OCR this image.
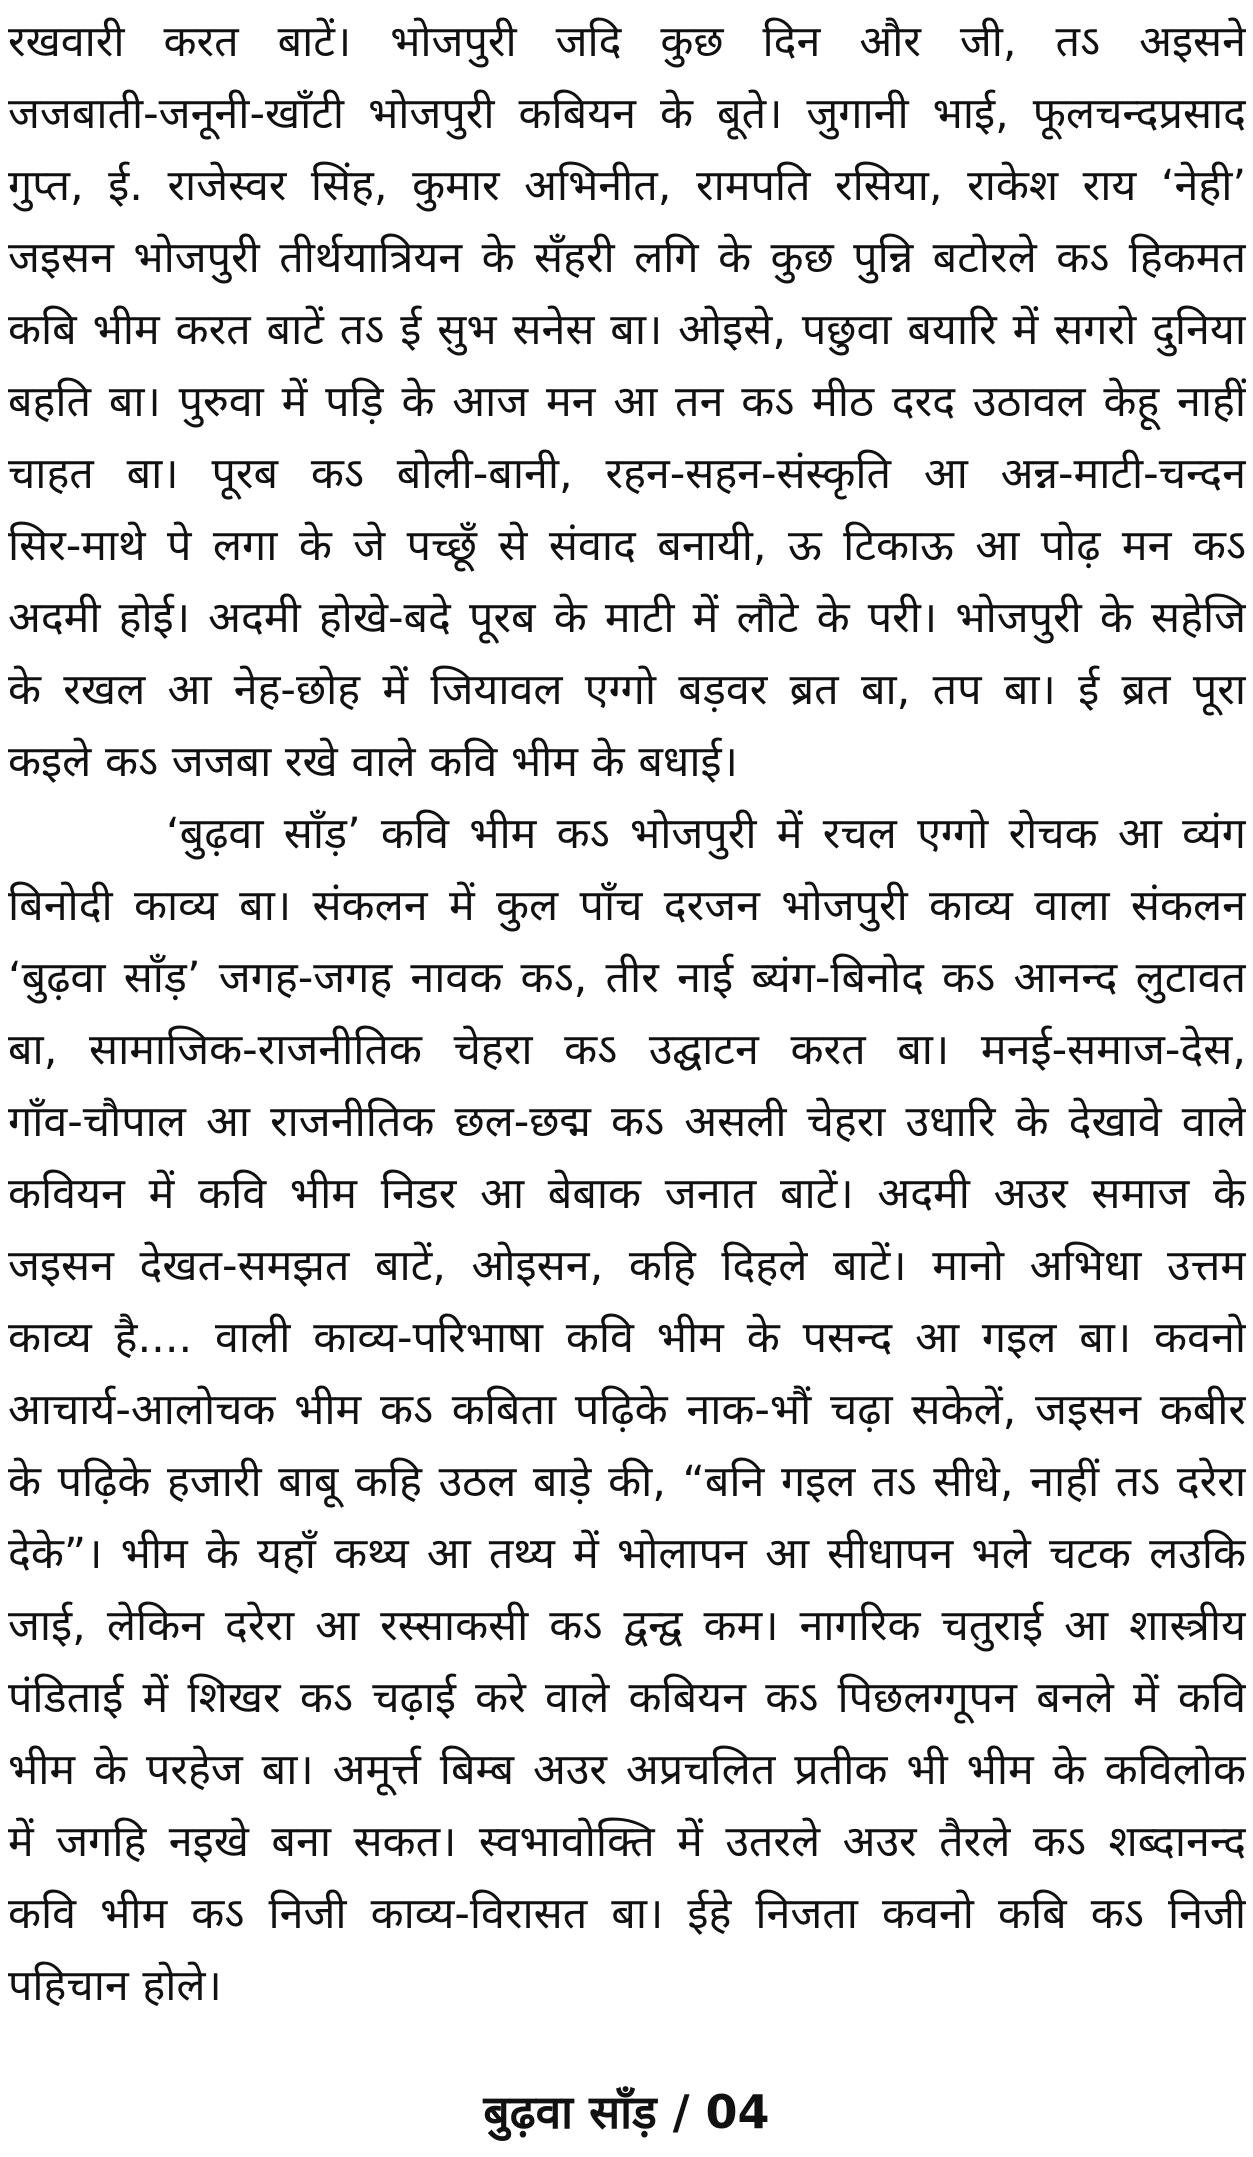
रखवारी करत बाटें। भोजपुरी जदि कुछ दिन और जी, तऽ अइसने
जजबाती-जनूनी-खाँटी भोजपुरी कबियन के बूते। जुगानी भाई, फूलचन्दप्रसाद
गुप्त, ई. राजेस्वर सिंह, कुमार अभिनीत, रामपति रसिया, राकेश राय ‘नेही’
जइसन भोजपुरी तीर्थयात्रियन के सँहरी लगि के कुछ पुन्नि बटोरले कऽ हिकमत
कबि भीम करत बाटें तऽ ई सुभ सनेस बा। ओइसे, पछुवा बयारि में सगरो दुनिया
बहति बा। पुरुवा में पड़ि के आज मन आ तन कऽ मीठ दरद उठावल केहू नाहीं
चाहत बा। पूरब कऽ बोली-बानी, रहन-सहन-संस्कृति आ अन्न-माटी-चन्दन
सिर-माथे पे लगा के जे पच्छूँ से संवाद बनायी, ऊ टिकाऊ आ पोढ़ मन कऽ
अदमी होई। अदमी होखे-बदे पूरब के माटी में लौटे के परी। भोजपुरी के सहेजि
के रखल आ नेह-छोह में जियावल एग्गो बड़वर ब्रत बा, तप बा। ई ब्रत पूरा
कइले कऽ जजबा रखे वाले कवि भीम के बधाई।
‘बुढ़वा साँड़’ कवि भीम कऽ भोजपुरी में रचल एग्गो रोचक आ व्यंग
बिनोदी काव्य बा। संकलन में कुल पाँच दरजन भोजपुरी काव्य वाला संकलन
‘बुढ़वा साँड़’ जगह-जगह नावक कऽ, तीर नाई ब्यंग-बिनोद कऽ आनन्द लुटावत
बा, सामाजिक-राजनीतिक चेहरा कऽ उद्घाटन करत बा। मनई-समाज-देस,
गाँव-चौपाल आ राजनीतिक छल-छद्म कऽ असली चेहरा उधारि के देखावे वाले
कवियन में कवि भीम निडर आ बेबाक जनात बाटें। अदमी अउर समाज के
जइसन देखत-समझत बाटें, ओइसन, कहि दिहले बाटें। मानो अभिधा उत्तम
काव्य है.... वाली काव्य-परिभाषा कवि भीम के पसन्द आ गइल बा। कवनो
आचार्य-आलोचक भीम कऽ कबिता पढ़िके नाक-भौं चढ़ा सकेलें, जइसन कबीर
के पढ़िके हजारी बाबू कहि उठल बाड़े की, “बनि गइल तऽ सीधे, नाहीं तऽ दरेरा
देके”। भीम के यहाँ कथ्य आ तथ्य में भोलापन आ सीधापन भले चटक लउकि
जाई, लेकिन दरेरा आ रस्साकसी कऽ द्वन्द्व कम। नागरिक चतुराई आ शास्त्रीय
पंडिताई में शिखर कऽ चढ़ाई करे वाले कबियन कऽ पिछलग्गूपन बनले में कवि
भीम के परहेज बा। अमूर्त्त बिम्ब अउर अप्रचलित प्रतीक भी भीम के कविलोक
में जगहि नइखे बना सकत। स्वभावोक्ति में उतरले अउर तैरले कऽ शब्दानन्द
कवि भीम कऽ निजी काव्य-विरासत बा। ईहे निजता कवनो कबि कऽ निजी
पहिचान होले।
बुढ़वा साँड़ / 04
